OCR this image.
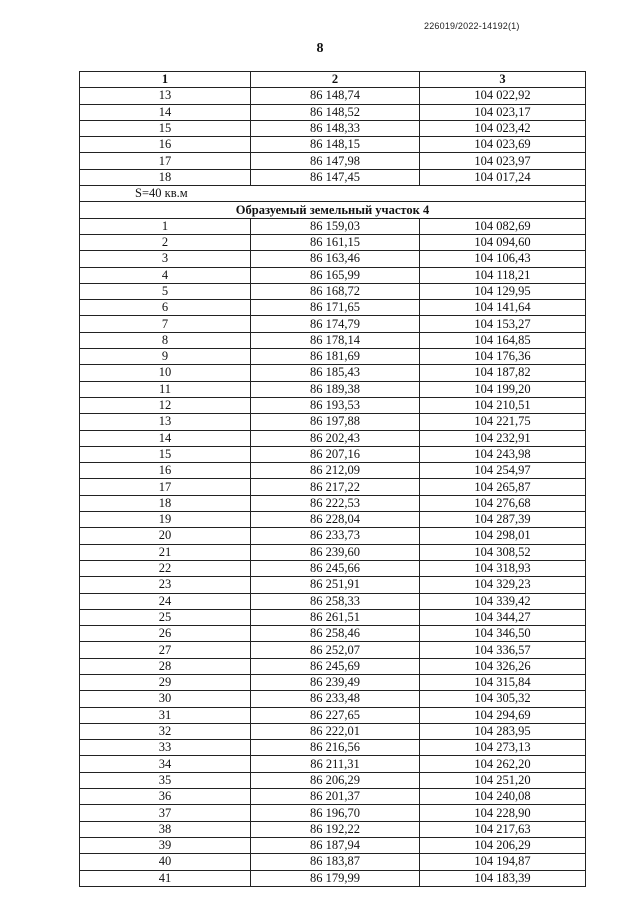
226019/2022-14192(1)
8
1	2	3
13	86 148,74	104 022,92
14	86 148,52	104 023,17
15	86 148,33	104 023,42
16	86 148,15	104 023,69
17	86 147,98	104 023,97
18	86 147,45	104 017,24
S=40 кв.м		
Образуемый земельный участок 4		
1	86 159,03	104 082,69
2	86 161,15	104 094,60
3	86 163,46	104 106,43
4	86 165,99	104 118,21
5	86 168,72	104 129,95
6	86 171,65	104 141,64
7	86 174,79	104 153,27
8	86 178,14	104 164,85
9	86 181,69	104 176,36
10	86 185,43	104 187,82
11	86 189,38	104 199,20
12	86 193,53	104 210,51
13	86 197,88	104 221,75
14	86 202,43	104 232,91
15	86 207,16	104 243,98
16	86 212,09	104 254,97
17	86 217,22	104 265,87
18	86 222,53	104 276,68
19	86 228,04	104 287,39
20	86 233,73	104 298,01
21	86 239,60	104 308,52
22	86 245,66	104 318,93
23	86 251,91	104 329,23
24	86 258,33	104 339,42
25	86 261,51	104 344,27
26	86 258,46	104 346,50
27	86 252,07	104 336,57
28	86 245,69	104 326,26
29	86 239,49	104 315,84
30	86 233,48	104 305,32
31	86 227,65	104 294,69
32	86 222,01	104 283,95
33	86 216,56	104 273,13
34	86 211,31	104 262,20
35	86 206,29	104 251,20
36	86 201,37	104 240,08
37	86 196,70	104 228,90
38	86 192,22	104 217,63
39	86 187,94	104 206,29
40	86 183,87	104 194,87
41	86 179,99	104 183,39
